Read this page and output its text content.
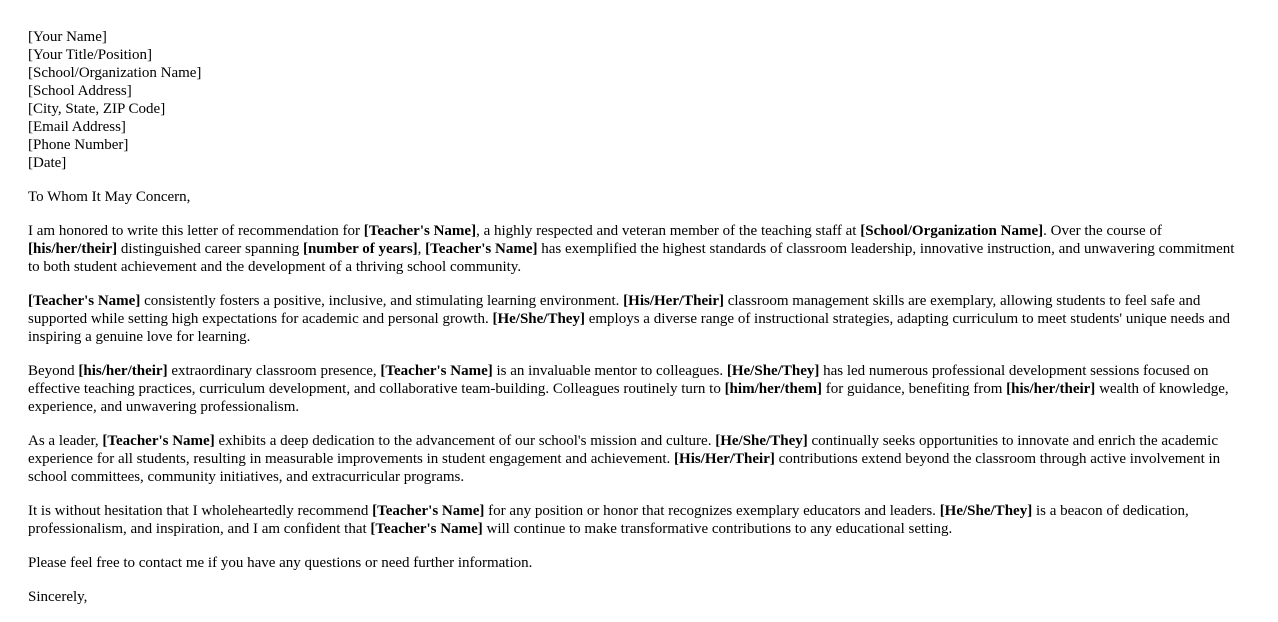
[Your Name]
[Your Title/Position]
[School/Organization Name]
[School Address]
[City, State, ZIP Code]
[Email Address]
[Phone Number]
[Date]

To Whom It May Concern,

I am honored to write this letter of recommendation for [Teacher's Name], a highly respected and veteran member of the teaching staff at [School/Organization Name]. Over the course of [his/her/their] distinguished career spanning [number of years], [Teacher's Name] has exemplified the highest standards of classroom leadership, innovative instruction, and unwavering commitment to both student achievement and the development of a thriving school community.

[Teacher's Name] consistently fosters a positive, inclusive, and stimulating learning environment. [His/Her/Their] classroom management skills are exemplary, allowing students to feel safe and supported while setting high expectations for academic and personal growth. [He/She/They] employs a diverse range of instructional strategies, adapting curriculum to meet students' unique needs and inspiring a genuine love for learning.

Beyond [his/her/their] extraordinary classroom presence, [Teacher's Name] is an invaluable mentor to colleagues. [He/She/They] has led numerous professional development sessions focused on effective teaching practices, curriculum development, and collaborative team-building. Colleagues routinely turn to [him/her/them] for guidance, benefiting from [his/her/their] wealth of knowledge, experience, and unwavering professionalism.

As a leader, [Teacher's Name] exhibits a deep dedication to the advancement of our school's mission and culture. [He/She/They] continually seeks opportunities to innovate and enrich the academic experience for all students, resulting in measurable improvements in student engagement and achievement. [His/Her/Their] contributions extend beyond the classroom through active involvement in school committees, community initiatives, and extracurricular programs.

It is without hesitation that I wholeheartedly recommend [Teacher's Name] for any position or honor that recognizes exemplary educators and leaders. [He/She/They] is a beacon of dedication, professionalism, and inspiration, and I am confident that [Teacher's Name] will continue to make transformative contributions to any educational setting.

Please feel free to contact me if you have any questions or need further information.

Sincerely,
